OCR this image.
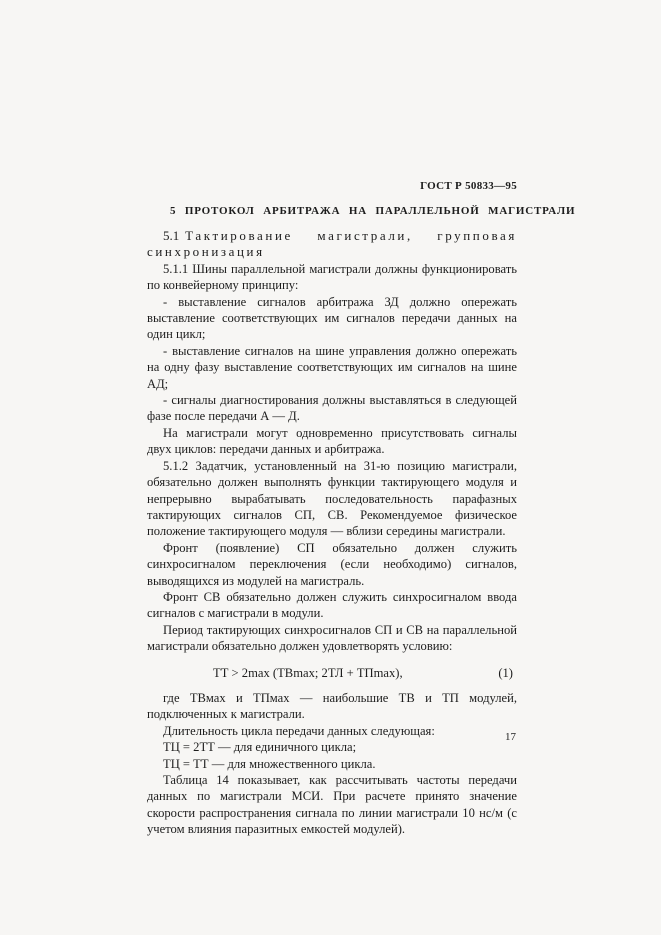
ГОСТ Р 50833—95
5 ПРОТОКОЛ АРБИТРАЖА НА ПАРАЛЛЕЛЬНОЙ МАГИСТРАЛИ
5.1 Тактирование	магистрали,	групповая

синхронизация

5.1.1 Шины параллельной магистрали должны функционировать по конвейерному принципу:

- выставление сигналов арбитража ЗД должно опережать выставление соответствующих им сигналов передачи данных на один цикл;

- выставление сигналов на шине управления должно опережать на одну фазу выставление соответствующих им сигналов на шине АД;

- сигналы диагностирования должны выставляться в следующей фазе после передачи А — Д.

На магистрали могут одновременно присутствовать сигналы двух циклов: передачи данных и арбитража.

5.1.2 Задатчик, установленный на 31-ю позицию магистрали, обязательно должен выполнять функции тактирующего модуля и непрерывно вырабатывать последовательность парафазных тактирующих сигналов СП, СВ. Рекомендуемое физическое положение тактирующего модуля — вблизи середины магистрали.

Фронт (появление) СП обязательно должен служить синхросигналом переключения (если необходимо) сигналов, выводящихся из модулей на магистраль.

Фронт СВ обязательно должен служить синхросигналом ввода сигналов с магистрали в модули.

Период тактирующих синхросигналов СП и СВ на параллельной магистрали обязательно должен удовлетворять условию:

ТТ > 2max (ТВmax; 2ТЛ + ТПmax),	(1)

где ТВмах и ТПмах — наибольшие ТВ и ТП модулей, подключенных к магистрали.

Длительность цикла передачи данных следующая:

ТЦ = 2ТТ — для единичного цикла;

ТЦ = ТТ — для множественного цикла.

Таблица 14 показывает, как рассчитывать частоты передачи данных по магистрали МСИ. При расчете принято значение скорости распространения сигнала по линии магистрали 10 нс/м (с учетом влияния паразитных емкостей модулей).

17
